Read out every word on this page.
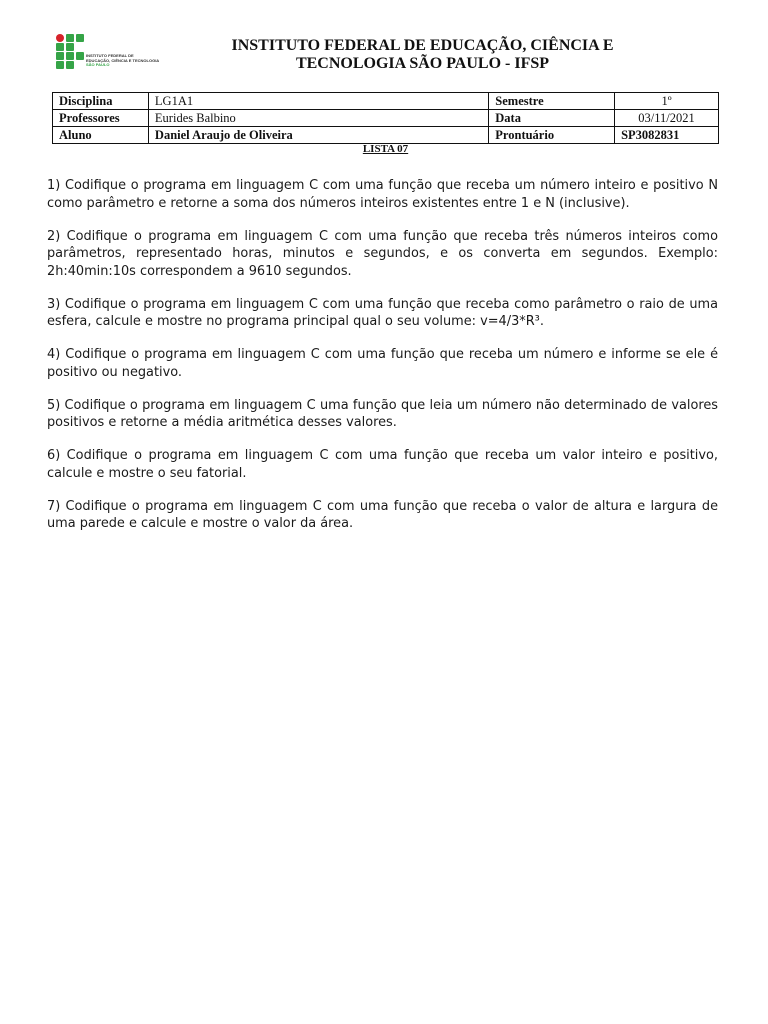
INSTITUTO FEDERAL DE
EDUCAÇÃO, CIÊNCIA E TECNOLOGIA
SÃO PAULO
INSTITUTO FEDERAL DE EDUCAÇÃO, CIÊNCIA E
TECNOLOGIA SÃO PAULO - IFSP
Disciplina	LG1A1	Semestre	1º
Professores	Eurides Balbino	Data	03/11/2021
Aluno	Daniel Araujo de Oliveira	Prontuário	SP3082831
LISTA 07

1) Codifique o programa em linguagem C com uma função que receba um número inteiro e positivo N como parâmetro e retorne a soma dos números inteiros existentes entre 1 e N (inclusive).

2) Codifique o programa em linguagem C com uma função que receba três números inteiros como parâmetros, representado horas, minutos e segundos, e os converta em segundos. Exemplo: 2h:40min:10s correspondem a 9610 segundos.

3) Codifique o programa em linguagem C com uma função que receba como parâmetro o raio de uma esfera, calcule e mostre no programa principal qual o seu volume: v=4/3*R³.

4) Codifique o programa em linguagem C com uma função que receba um número e informe se ele é positivo ou negativo.

5) Codifique o programa em linguagem C uma função que leia um número não determinado de valores positivos e retorne a média aritmética desses valores.

6) Codifique o programa em linguagem C com uma função que receba um valor inteiro e positivo, calcule e mostre o seu fatorial.

7) Codifique o programa em linguagem C com uma função que receba o valor de altura e largura de uma parede e calcule e mostre o valor da área.
